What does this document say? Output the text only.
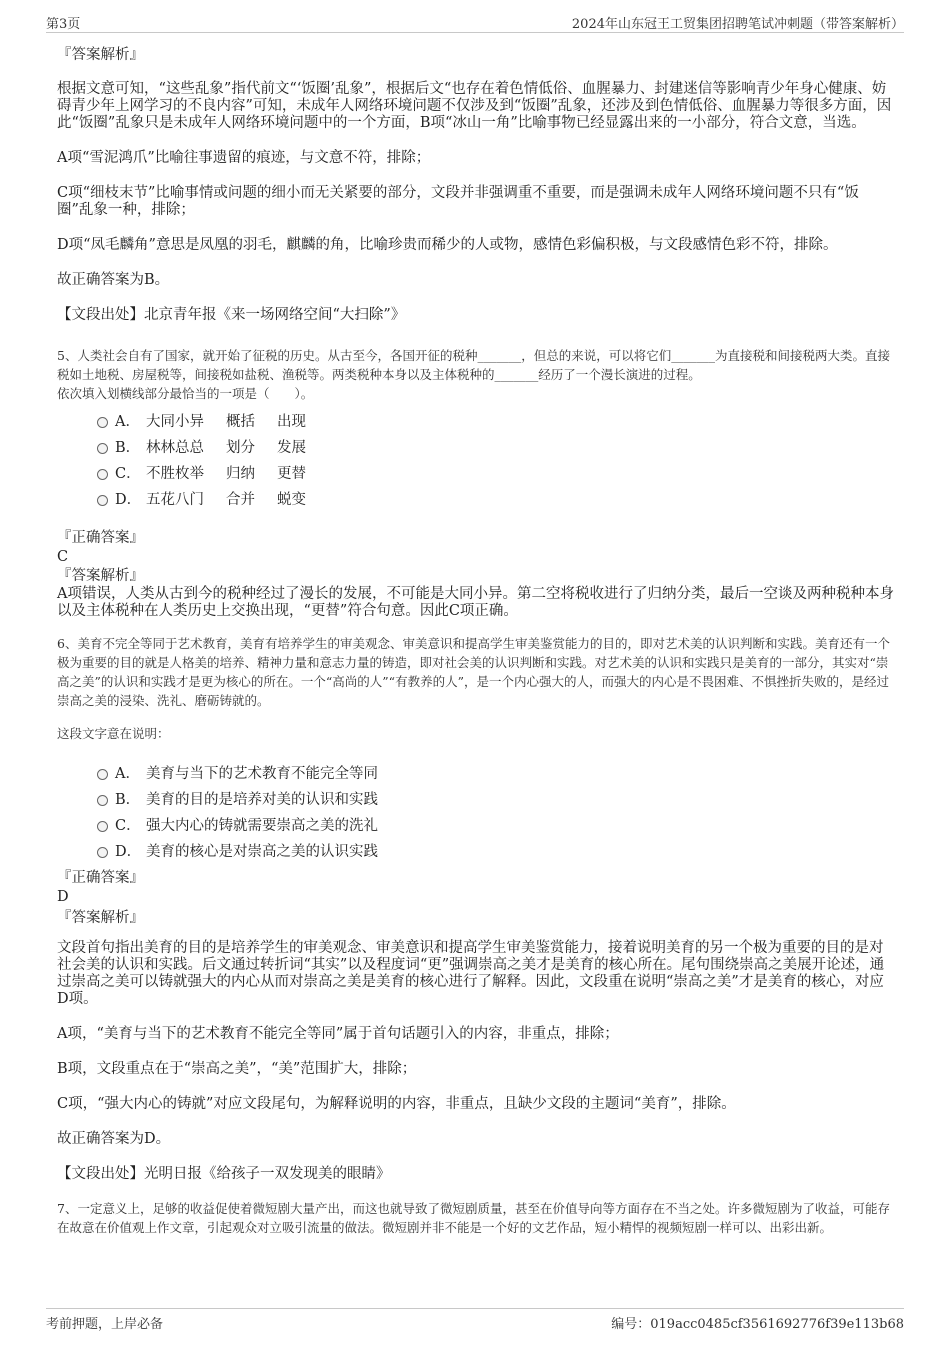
第3页	2024年山东冠王工贸集团招聘笔试冲刺题（带答案解析）

『答案解析』

根据文意可知，“这些乱象”指代前文“‘饭圈’乱象”，根据后文“也存在着色情低俗、血腥暴力、封建迷信等影响青少年身心健康、妨碍青少年上网学习的不良内容”可知，未成年人网络环境问题不仅涉及到“饭圈”乱象，还涉及到色情低俗、血腥暴力等很多方面，因此“饭圈”乱象只是未成年人网络环境问题中的一个方面，B项“冰山一角”比喻事物已经显露出来的一小部分，符合文意，当选。

A项“雪泥鸿爪”比喻往事遗留的痕迹，与文意不符，排除；

C项“细枝末节”比喻事情或问题的细小而无关紧要的部分，文段并非强调重不重要，而是强调未成年人网络环境问题不只有“饭圈”乱象一种，排除；

D项“凤毛麟角”意思是凤凰的羽毛，麒麟的角，比喻珍贵而稀少的人或物，感情色彩偏积极，与文段感情色彩不符，排除。

故正确答案为B。

【文段出处】北京青年报《来一场网络空间“大扫除”》

5、人类社会自有了国家，就开始了征税的历史。从古至今，各国开征的税种_______，但总的来说，可以将它们_______为直接税和间接税两大类。直接税如土地税、房屋税等，间接税如盐税、渔税等。两类税种本身以及主体税种的_______经历了一个漫长演进的过程。

依次填入划横线部分最恰当的一项是（　　）。

A． 大同小异 概括 出现
B． 林林总总 划分 发展
C． 不胜枚举 归纳 更替
D． 五花八门 合并 蜕变

『正确答案』

C

『答案解析』

A项错误，人类从古到今的税种经过了漫长的发展，不可能是大同小异。第二空将税收进行了归纳分类，最后一空谈及两种税种本身以及主体税种在人类历史上交换出现，“更替”符合句意。因此C项正确。

6、美育不完全等同于艺术教育，美育有培养学生的审美观念、审美意识和提高学生审美鉴赏能力的目的，即对艺术美的认识判断和实践。美育还有一个极为重要的目的就是人格美的培养、精神力量和意志力量的铸造，即对社会美的认识判断和实践。对艺术美的认识和实践只是美育的一部分，其实对“崇高之美”的认识和实践才是更为核心的所在。一个“高尚的人”“有教养的人”，是一个内心强大的人，而强大的内心是不畏困难、不惧挫折失败的，是经过崇高之美的浸染、洗礼、磨砺铸就的。

这段文字意在说明：

A． 美育与当下的艺术教育不能完全等同
B． 美育的目的是培养对美的认识和实践
C． 强大内心的铸就需要崇高之美的洗礼
D． 美育的核心是对崇高之美的认识实践

『正确答案』

D

『答案解析』

文段首句指出美育的目的是培养学生的审美观念、审美意识和提高学生审美鉴赏能力，接着说明美育的另一个极为重要的目的是对社会美的认识和实践。后文通过转折词“其实”以及程度词“更”强调崇高之美才是美育的核心所在。尾句围绕崇高之美展开论述，通过崇高之美可以铸就强大的内心从而对崇高之美是美育的核心进行了解释。因此，文段重在说明“崇高之美”才是美育的核心，对应D项。

A项，“美育与当下的艺术教育不能完全等同”属于首句话题引入的内容，非重点，排除；

B项，文段重点在于“崇高之美”，“美”范围扩大，排除；

C项，“强大内心的铸就”对应文段尾句，为解释说明的内容，非重点，且缺少文段的主题词“美育”，排除。

故正确答案为D。

【文段出处】光明日报《给孩子一双发现美的眼睛》

7、一定意义上，足够的收益促使着微短剧大量产出，而这也就导致了微短剧质量，甚至在价值导向等方面存在不当之处。许多微短剧为了收益，可能存在故意在价值观上作文章，引起观众对立吸引流量的做法。微短剧并非不能是一个好的文艺作品，短小精悍的视频短剧一样可以、出彩出新。

考前押题，上岸必备	编号：019acc0485cf3561692776f39e113b68
